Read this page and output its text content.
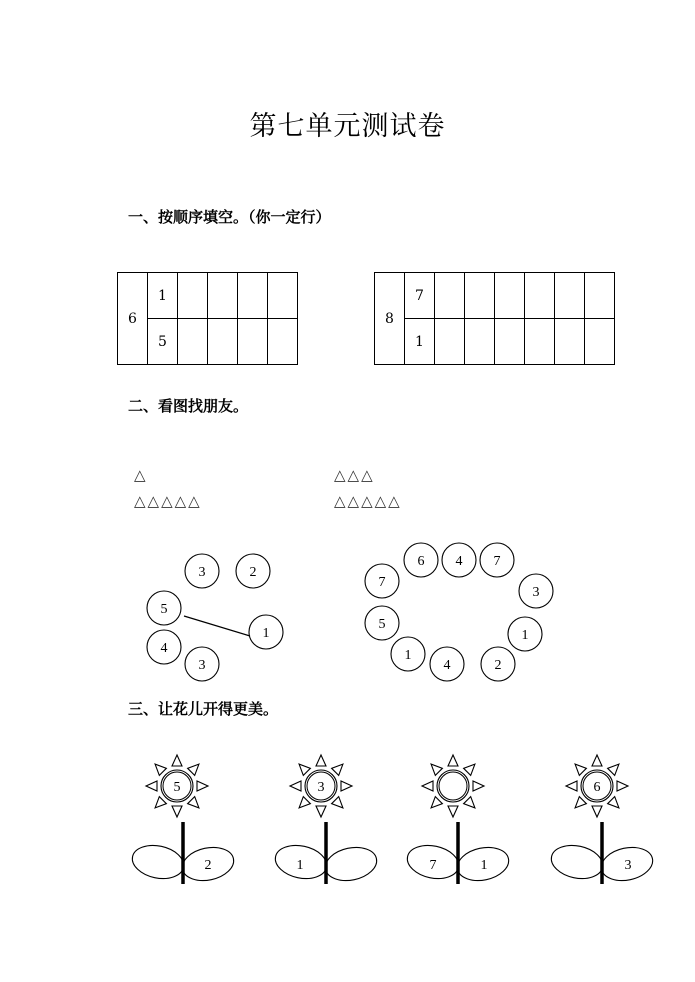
第七单元测试卷
一、按顺序填空。（你一定行）
6	1				
	5				
8	7						
	1						
二、看图找朋友。
△
△△△△△
△△△
△△△△△
3	2
5
1
4
3
6 4 7
7
3
5
1
1
4	2
5
2
3
1	7	1
6
3
三、让花儿开得更美。
